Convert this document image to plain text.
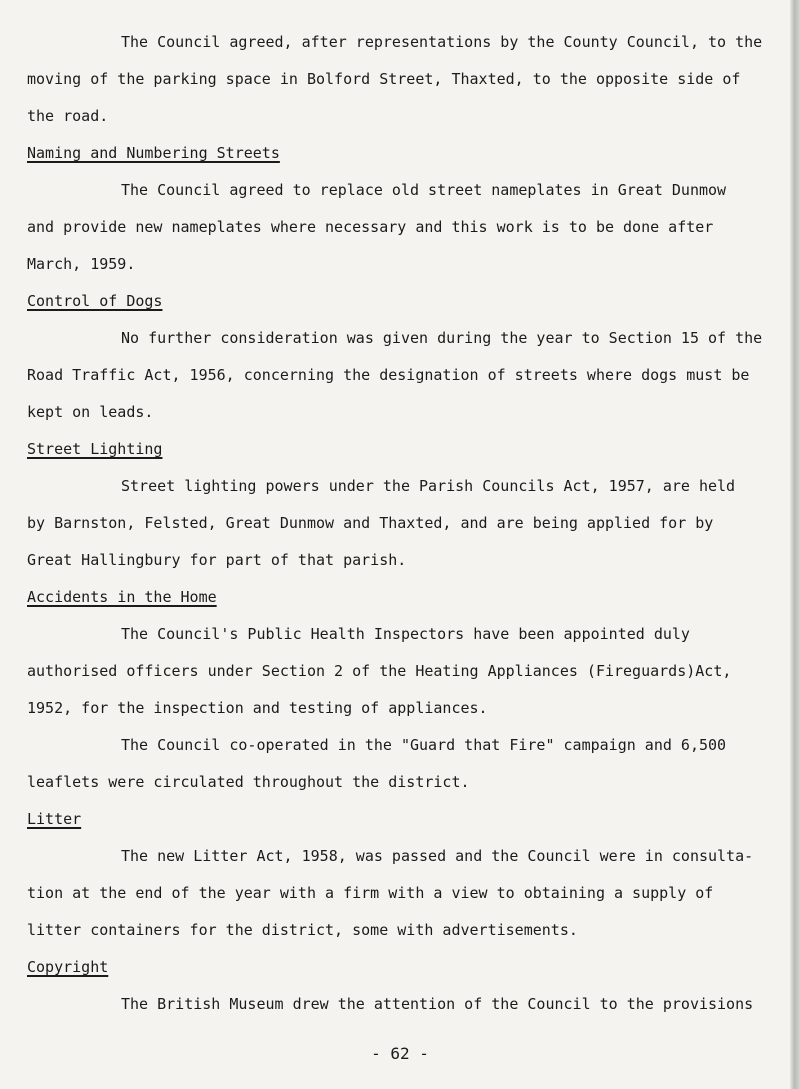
The Council agreed, after representations by the County Council, to the
moving of the parking space in Bolford Street, Thaxted, to the opposite side of
the road.
Naming and Numbering Streets
The Council agreed to replace old street nameplates in Great Dunmow
and provide new nameplates where necessary and this work is to be done after
March, 1959.
Control of Dogs
No further consideration was given during the year to Section 15 of the
Road Traffic Act, 1956, concerning the designation of streets where dogs must be
kept on leads.
Street Lighting
Street lighting powers under the Parish Councils Act, 1957, are held
by Barnston, Felsted, Great Dunmow and Thaxted, and are being applied for by
Great Hallingbury for part of that parish.
Accidents in the Home
The Council's Public Health Inspectors have been appointed duly
authorised officers under Section 2 of the Heating Appliances (Fireguards)Act,
1952, for the inspection and testing of appliances.
The Council co-operated in the "Guard that Fire" campaign and 6,500
leaflets were circulated throughout the district.
Litter
The new Litter Act, 1958, was passed and the Council were in consulta-
tion at the end of the year with a firm with a view to obtaining a supply of
litter containers for the district, some with advertisements.
Copyright
The British Museum drew the attention of the Council to the provisions
- 62 -
